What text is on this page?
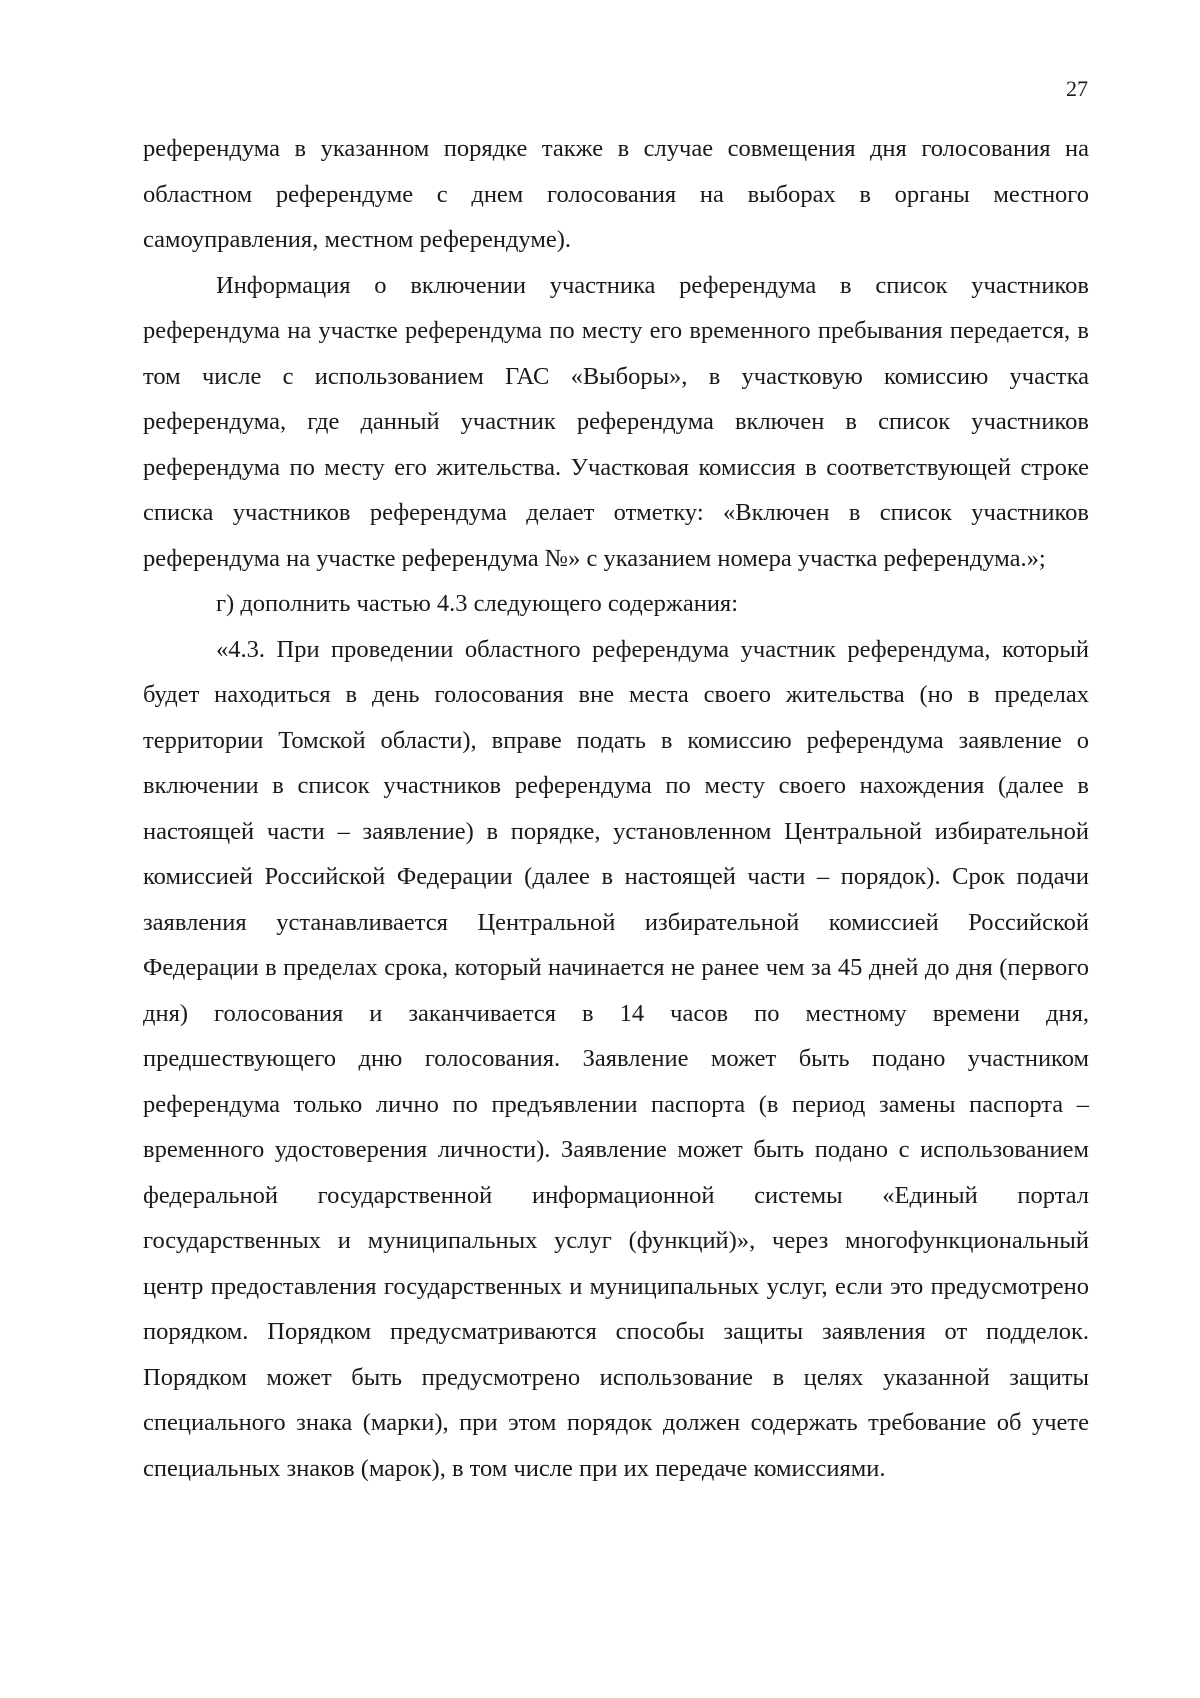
27

референдума в указанном порядке также в случае совмещения дня голосования на областном референдуме с днем голосования на выборах в органы местного самоуправления, местном референдуме).

Информация о включении участника референдума в список участников референдума на участке референдума по месту его временного пребывания передается, в том числе с использованием ГАС «Выборы», в участковую комиссию участка референдума, где данный участник референдума включен в список участников референдума по месту его жительства. Участковая комиссия в соответствующей строке списка участников референдума делает отметку: «Включен в список участников референдума на участке референдума №» с указанием номера участка референдума.»;

г) дополнить частью 4.3 следующего содержания:

«4.3. При проведении областного референдума участник референдума, который будет находиться в день голосования вне места своего жительства (но в пределах территории Томской области), вправе подать в комиссию референдума заявление о включении в список участников референдума по месту своего нахождения (далее в настоящей части – заявление) в порядке, установленном Центральной избирательной комиссией Российской Федерации (далее в настоящей части – порядок). Срок подачи заявления устанавливается Центральной избирательной комиссией Российской Федерации в пределах срока, который начинается не ранее чем за 45 дней до дня (первого дня) голосования и заканчивается в 14 часов по местному времени дня, предшествующего дню голосования. Заявление может быть подано участником референдума только лично по предъявлении паспорта (в период замены паспорта – временного удостоверения личности). Заявление может быть подано с использованием федеральной государственной информационной системы «Единый портал государственных и муниципальных услуг (функций)», через многофункциональный центр предоставления государственных и муниципальных услуг, если это предусмотрено порядком. Порядком предусматриваются способы защиты заявления от подделок. Порядком может быть предусмотрено использование в целях указанной защиты специального знака (марки), при этом порядок должен содержать требование об учете специальных знаков (марок), в том числе при их передаче комиссиями.
